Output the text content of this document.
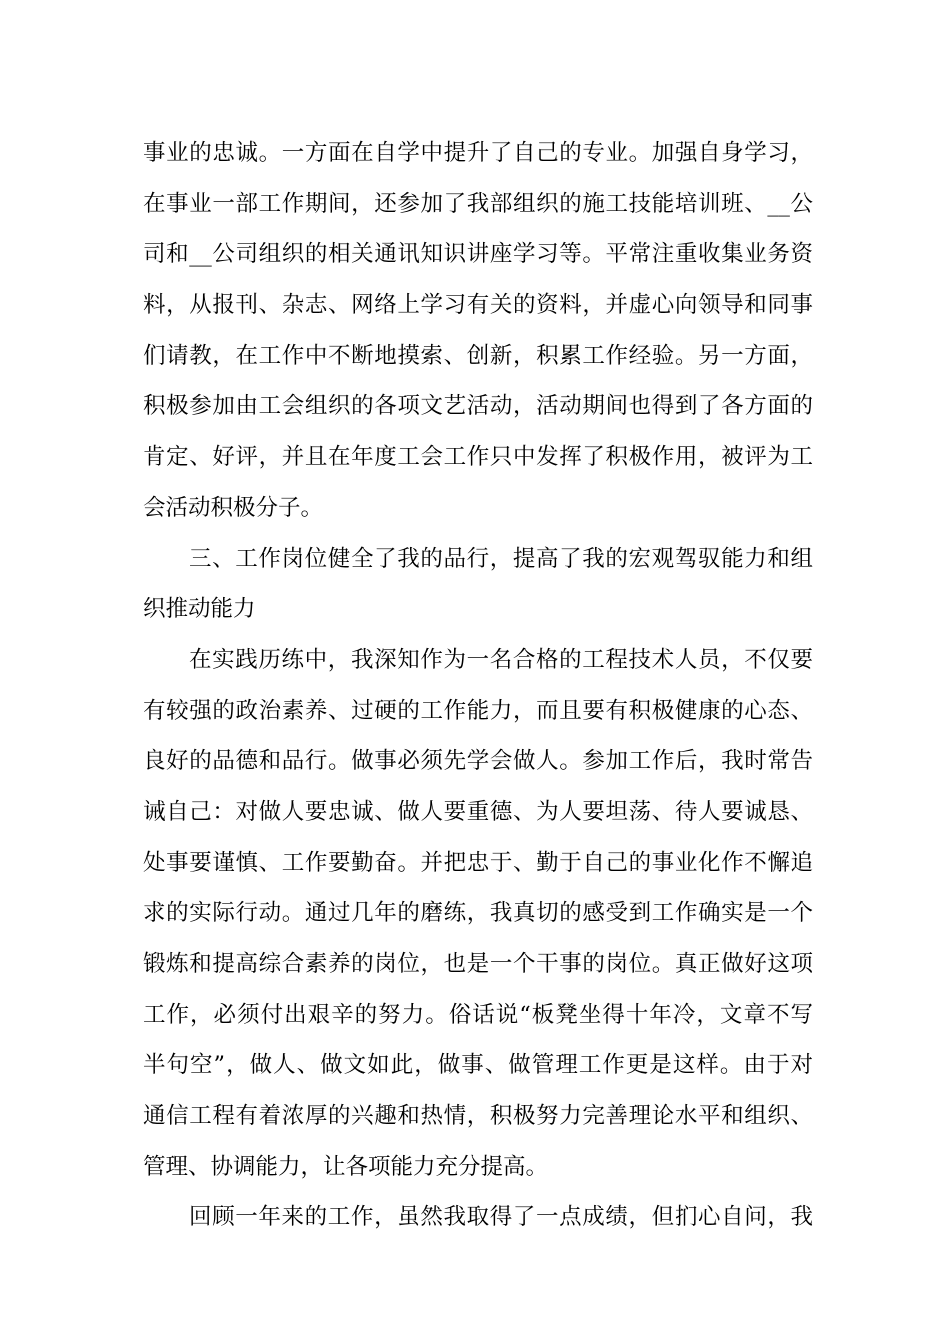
事业的忠诚。一方面在自学中提升了自己的专业。加强自身学习，
在事业一部工作期间，还参加了我部组织的施工技能培训班、__公
司和__公司组织的相关通讯知识讲座学习等。平常注重收集业务资
料，从报刊、杂志、网络上学习有关的资料，并虚心向领导和同事
们请教，在工作中不断地摸索、创新，积累工作经验。另一方面，
积极参加由工会组织的各项文艺活动，活动期间也得到了各方面的
肯定、好评，并且在年度工会工作只中发挥了积极作用，被评为工
会活动积极分子。
三、工作岗位健全了我的品行，提高了我的宏观驾驭能力和组
织推动能力
在实践历练中，我深知作为一名合格的工程技术人员，不仅要
有较强的政治素养、过硬的工作能力，而且要有积极健康的心态、
良好的品德和品行。做事必须先学会做人。参加工作后，我时常告
诫自己：对做人要忠诚、做人要重德、为人要坦荡、待人要诚恳、
处事要谨慎、工作要勤奋。并把忠于、勤于自己的事业化作不懈追
求的实际行动。通过几年的磨练，我真切的感受到工作确实是一个
锻炼和提高综合素养的岗位，也是一个干事的岗位。真正做好这项
工作，必须付出艰辛的努力。俗话说“板凳坐得十年冷，文章不写
半句空”，做人、做文如此，做事、做管理工作更是这样。由于对
通信工程有着浓厚的兴趣和热情，积极努力完善理论水平和组织、
管理、协调能力，让各项能力充分提高。
回顾一年来的工作，虽然我取得了一点成绩，但扪心自问，我
